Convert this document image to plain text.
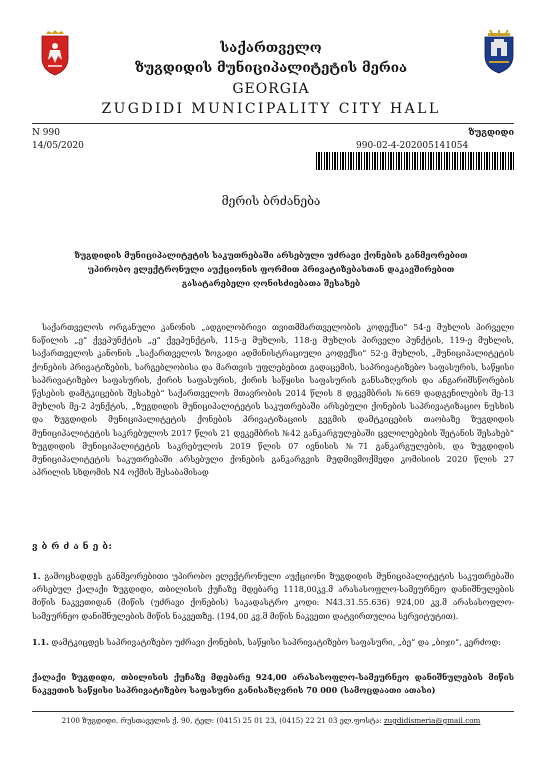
საქართველო
ზუგდიდის მუნიციპალიტეტის მერია
GEORGIA
ZUGDIDI MUNICIPALITY CITY HALL
N 990
14/05/2020
ზუგდიდი
990-02-4-202005141054
მერის ბრძანება
ზუგდიდის მუნიციპალიტეტის საკუთრებაში არსებული უძრავი ქონების განმეორებით უპირობო ელექტრონული აუქციონის ფორმით პრივატიზებასთან დაკავშირებით გასატარებელი ღონისძიებათა შესახებ
საქართველოს ორგანული კანონის „ადგილობრივი თვითმმართველობის კოდექსი“ 54-ე მუხლის პირველი ნაწილის „ე“ ქვეპუნქტის „ე“ ქვეპუნქტის, 115-ე მუხლის, 118-ე მუხლის პირველი პუნქტის, 119-ე მუხლის, საქართველოს კანონის „საქართველოს ზოგადი ადმინისტრაციული კოდექსი“ 52-ე მუხლის, „მუნიციპალიტეტის ქონების პრივატიზების, სარგებლობისა და მართვის უფლებებით გადაცემის, საპრივატიზებო საფასურის, საწყისი საპრივატიზებო საფასურის, ქირის საფასურის, ქირის საწყისი საფასურის განსაზღვრის და ანგარიშსწორების წესების დამტკიცების შესახებ“ საქართველოს მთავრობის 2014 წლის 8 დეკემბრის №669 დადგენილების მე-13 მუხლის მე-2 პუნქტის, „ზუგდიდის მუნიციპალიტეტის საკუთრებაში არსებული ქონების საპრივატიზაციო ნუსხის და ზუგდიდის მუნიციპალიტეტის ქონების პრივატიზაციის გეგმის დამტკიცების თაობაზე ზუგდიდის მუნიციპალიტეტის საკრებულოს 2017 წლის 21 დეკემბრის №42 განკარგულებაში ცვლილებების შეტანის შესახებ“ ზუგდიდის მუნიციპალიტეტის საკრებულოს 2019 წლის 07 ივნისის №71 განკარგულების, და ზუგდიდის მუნიციპალიტეტის საკუთრებაში არსებული ქონების განკარგვის მუდმივმოქმედი კომისიის 2020 წლის 27 აპრილის სხდომის N4 ოქმის შესაბამისად
ვ ბ რ ძ ა ნ ე ბ:
1. გამოცხადდეს განმეორებითი უპირობო ელექტრონული აუქციონი ზუგდიდის მუნიციპალიტეტის საკუთრებაში არსებულ ქალაქი ზუგდიდი, თბილისის ქუჩაზე მდებარე 1118,00კვ.მ არასასოფლო-სამეურნეო დანიშნულების მიწის ნაკვეთიდან (მიწის (უძრავი ქონების) საკადასტრო კოდი: N43.31.55.636) 924,00 კვ.მ არასასოფლო-სამეურნეო დანიშნულების მიწის ნაკვეთზე. (194,00 კვ.მ მიწის ნაკვეთი დატვირთულია სერვიტუტით).
1.1. დამტკიცდეს საპრივატიზებო უძრავი ქონების, საწყისი საპრივატიზებო საფასური, „ბე“ და „ბიჯი“, კერძოდ:
ქალაქი ზუგდიდი, თბილისის ქუჩაზე მდებარე 924,00 არასასოფლო-სამეურნეო დანიშნულების მიწის ნაკვეთის საწყისი საპრივატიზებო საფასური განისაზღვრის 70 000 (სამოცდაათი ათასი)
2100 ზუგდიდი. რუსთაველის ქ. 90, ტელ: (0415) 25 01 23, (0415) 22 21 03 ელ.ფოსტა: zugdidismeria@gmail.com
